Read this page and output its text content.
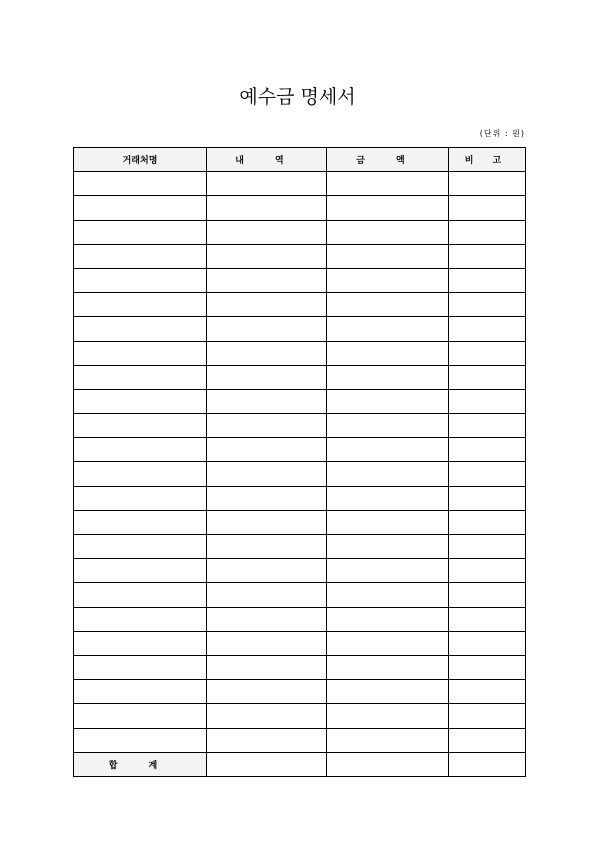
예수금 명세서
(단위 : 원)
거래처명	내 역	금 액	비 고

합 계			
